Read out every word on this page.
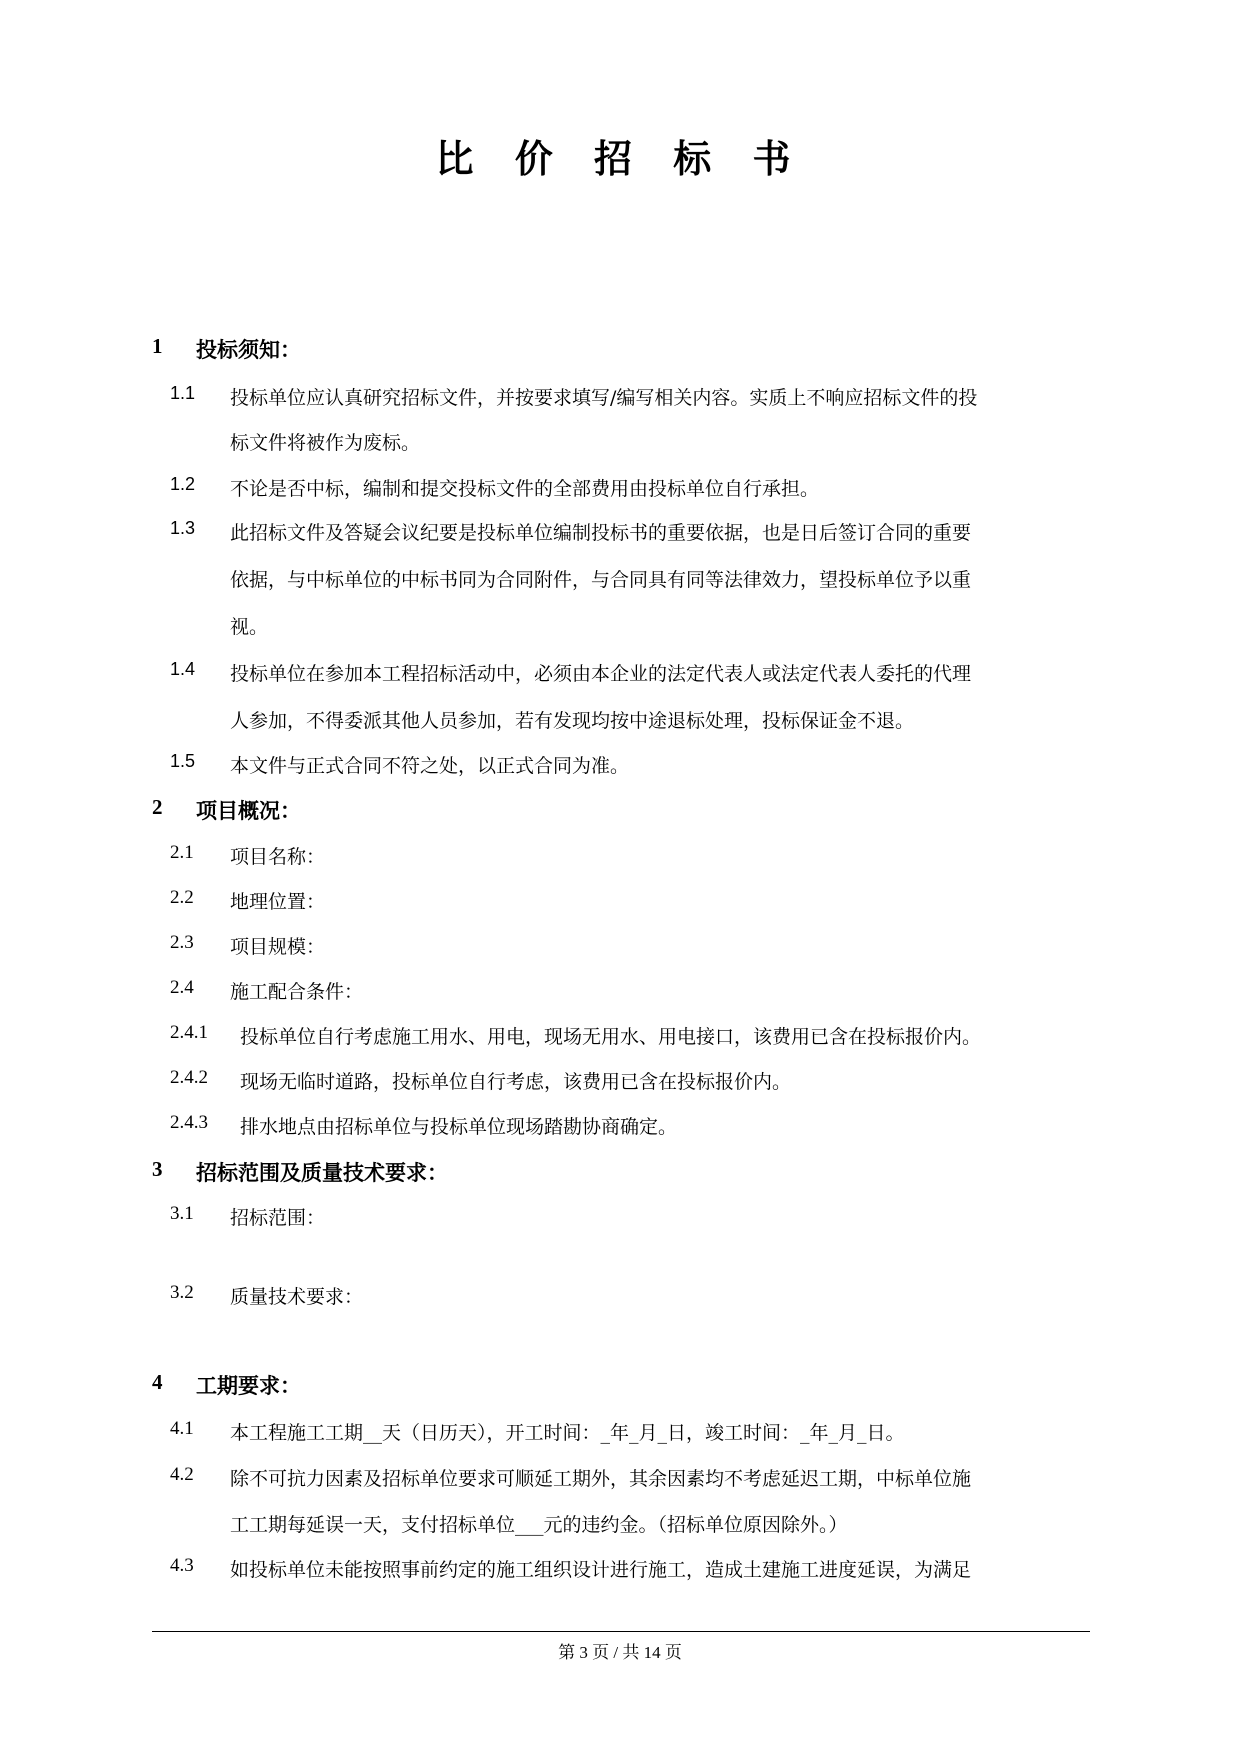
比 价 招 标 书
1 投标须知：
1.1 投标单位应认真研究招标文件，并按要求填写/编写相关内容。实质上不响应招标文件的投
标文件将被作为废标。
1.2 不论是否中标，编制和提交投标文件的全部费用由投标单位自行承担。
1.3 此招标文件及答疑会议纪要是投标单位编制投标书的重要依据，也是日后签订合同的重要
依据，与中标单位的中标书同为合同附件，与合同具有同等法律效力，望投标单位予以重
视。
1.4 投标单位在参加本工程招标活动中，必须由本企业的法定代表人或法定代表人委托的代理
人参加，不得委派其他人员参加，若有发现均按中途退标处理，投标保证金不退。
1.5 本文件与正式合同不符之处，以正式合同为准。
2 项目概况：
2.1 项目名称：
2.2 地理位置：
2.3 项目规模：
2.4 施工配合条件：
2.4.1 投标单位自行考虑施工用水、用电，现场无用水、用电接口，该费用已含在投标报价内。
2.4.2 现场无临时道路，投标单位自行考虑，该费用已含在投标报价内。
2.4.3 排水地点由招标单位与投标单位现场踏勘协商确定。
3 招标范围及质量技术要求：
3.1 招标范围：
3.2 质量技术要求：
4 工期要求：
4.1 本工程施工工期__天（日历天），开工时间：_年_月_日，竣工时间：_年_月_日。
4.2 除不可抗力因素及招标单位要求可顺延工期外，其余因素均不考虑延迟工期，中标单位施
工工期每延误一天，支付招标单位___元的违约金。（招标单位原因除外。）
4.3 如投标单位未能按照事前约定的施工组织设计进行施工，造成土建施工进度延误，为满足
第 3 页 / 共 14 页
